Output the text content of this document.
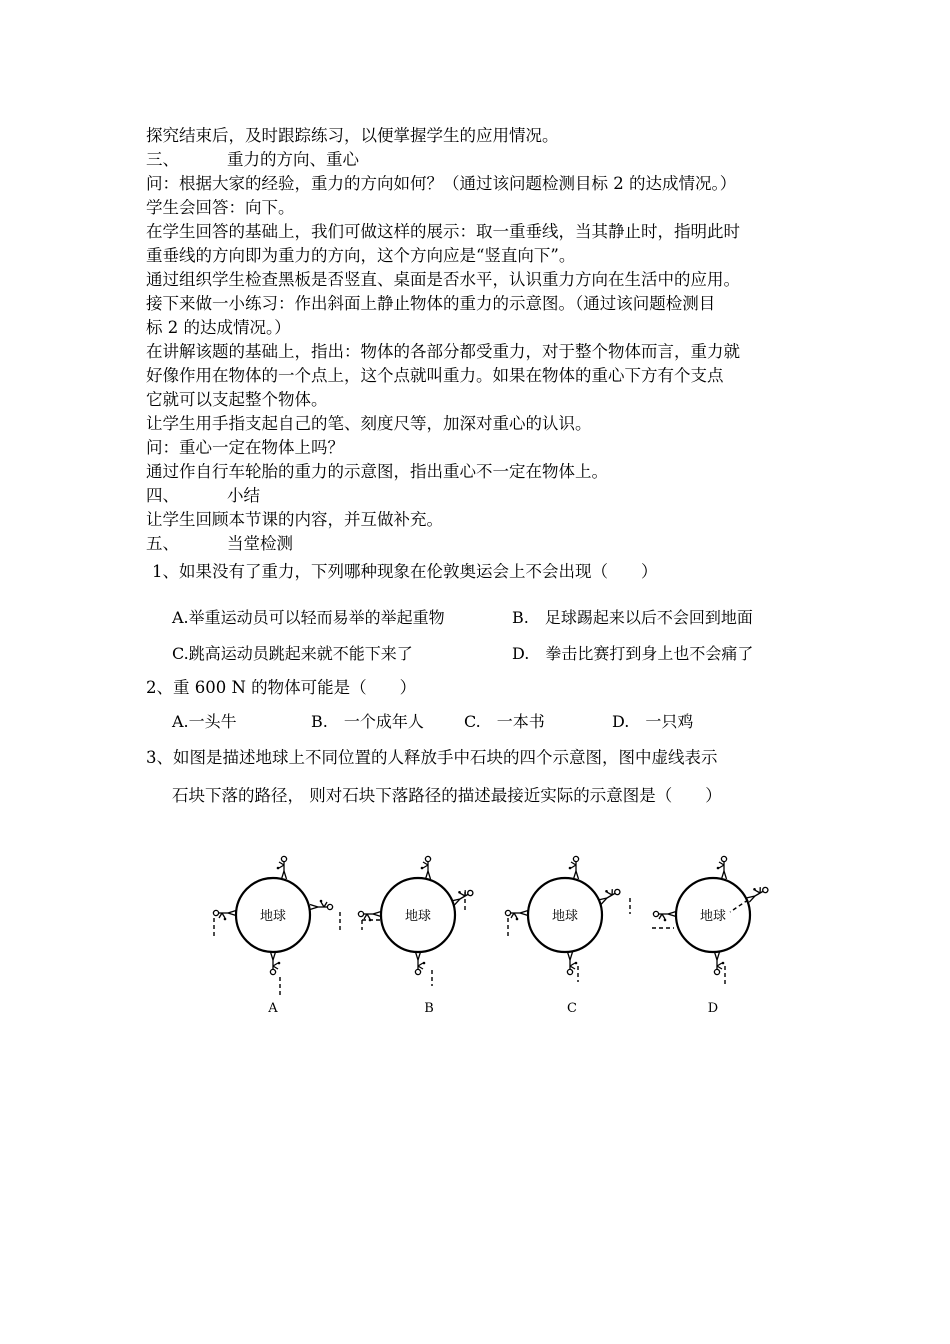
探究结束后，及时跟踪练习，以便掌握学生的应用情况。
三、	重力的方向、重心
问：根据大家的经验，重力的方向如何？（通过该问题检测目标 2 的达成情况。）
学生会回答：向下。
在学生回答的基础上，我们可做这样的展示：取一重垂线，当其静止时，指明此时
重垂线的方向即为重力的方向，这个方向应是“竖直向下”。
通过组织学生检查黑板是否竖直、桌面是否水平，认识重力方向在生活中的应用。
接下来做一小练习：作出斜面上静止物体的重力的示意图。（通过该问题检测目
标 2 的达成情况。）
在讲解该题的基础上，指出：物体的各部分都受重力，对于整个物体而言，重力就
好像作用在物体的一个点上，这个点就叫重力。如果在物体的重心下方有个支点
它就可以支起整个物体。
让学生用手指支起自己的笔、刻度尺等，加深对重心的认识。
问：重心一定在物体上吗？
通过作自行车轮胎的重力的示意图，指出重心不一定在物体上。
四、	小结
让学生回顾本节课的内容，并互做补充。
五、	当堂检测
1、如果没有了重力，下列哪种现象在伦敦奥运会上不会出现（　　）
A.举重运动员可以轻而易举的举起重物	B.　足球踢起来以后不会回到地面
C.跳高运动员跳起来就不能下来了	D.　拳击比赛打到身上也不会痛了
2、重 600 N 的物体可能是（　　）
A.一头牛	B.　一个成年人	C.　一本书	D.　一只鸡
3、如图是描述地球上不同位置的人释放手中石块的四个示意图，图中虚线表示
石块下落的路径， 则对石块下落路径的描述最接近实际的示意图是（　　）
地球
A
地球
B
地球
C
地球
D
